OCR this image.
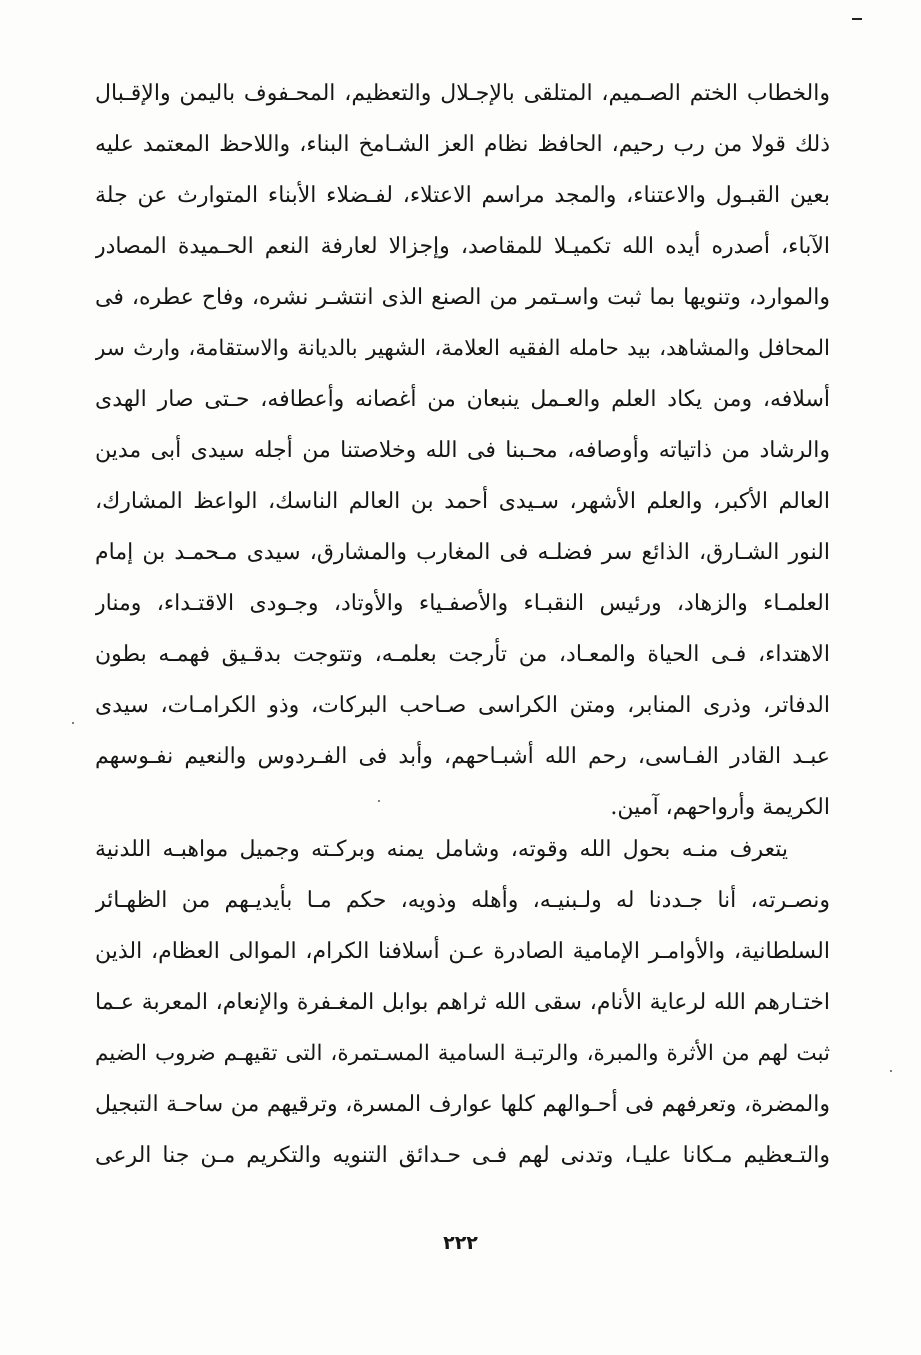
والخطاب الختم الصـميم، المتلقى بالإجـلال والتعظيم، المحـفوف باليمن والإقـبال
ذلك قولا من رب رحيم، الحافظ نظام العز الشـامخ البناء، واللاحظ المعتمد عليه
بعين القبـول والاعتناء، والمجد مراسم الاعتلاء، لفـضلاء الأبناء المتوارث عن جلة
الآباء، أصدره أيده الله تكميـلا للمقاصد، وإجزالا لعارفة النعم الحـميدة المصادر
والموارد، وتنويها بما ثبت واسـتمر من الصنع الذى انتشـر نشره، وفاح عطره، فى
المحافل والمشاهد، بيد حامله الفقيه العلامة، الشهير بالديانة والاستقامة، وارث سر
أسلافه، ومن يكاد العلم والعـمل ينبعان من أغصانه وأعطافه، حـتى صار الهدى
والرشاد من ذاتياته وأوصافه، محـبنا فى الله وخلاصتنا من أجله سيدى أبى مدين
العالم الأكبر، والعلم الأشهر، سـيدى أحمد بن العالم الناسك، الواعظ المشارك،
النور الشـارق، الذائع سر فضلـه فى المغارب والمشارق، سيدى مـحمـد بن إمام
العلمـاء والزهاد، ورئيس النقبـاء والأصفـياء والأوتاد، وجـودى الاقتـداء، ومنار
الاهتداء، فـى الحياة والمعـاد، من تأرجت بعلمـه، وتتوجت بدقـيق فهمـه بطون
الدفاتر، وذرى المنابر، ومتن الكراسى صـاحب البركات، وذو الكرامـات، سيدى
عبـد القادر الفـاسى، رحم الله أشبـاحهم، وأبد فى الفـردوس والنعيم نفـوسهم
الكريمة وأرواحهم، آمين.
يتعرف منـه بحول الله وقوته، وشامل يمنه وبركـته وجميل مواهبـه اللدنية
ونصـرته، أنا جـددنا له ولـبنيـه، وأهله وذويه، حكم مـا بأيديـهم من الظهـائر
السلطانية، والأوامـر الإمامية الصادرة عـن أسلافنا الكرام، الموالى العظام، الذين
اختـارهم الله لرعاية الأنام، سقى الله ثراهم بوابل المغـفرة والإنعام، المعربة عـما
ثبت لهم من الأثرة والمبرة، والرتبـة السامية المسـتمرة، التى تقيهـم ضروب الضيم
والمضرة، وتعرفهم فى أحـوالهم كلها عوارف المسرة، وترقيهم من ساحـة التبجيل
والتـعظيم مـكانا عليـا، وتدنى لهم فـى حـدائق التنويه والتكريم مـن جنا الرعى
٢٢٢
